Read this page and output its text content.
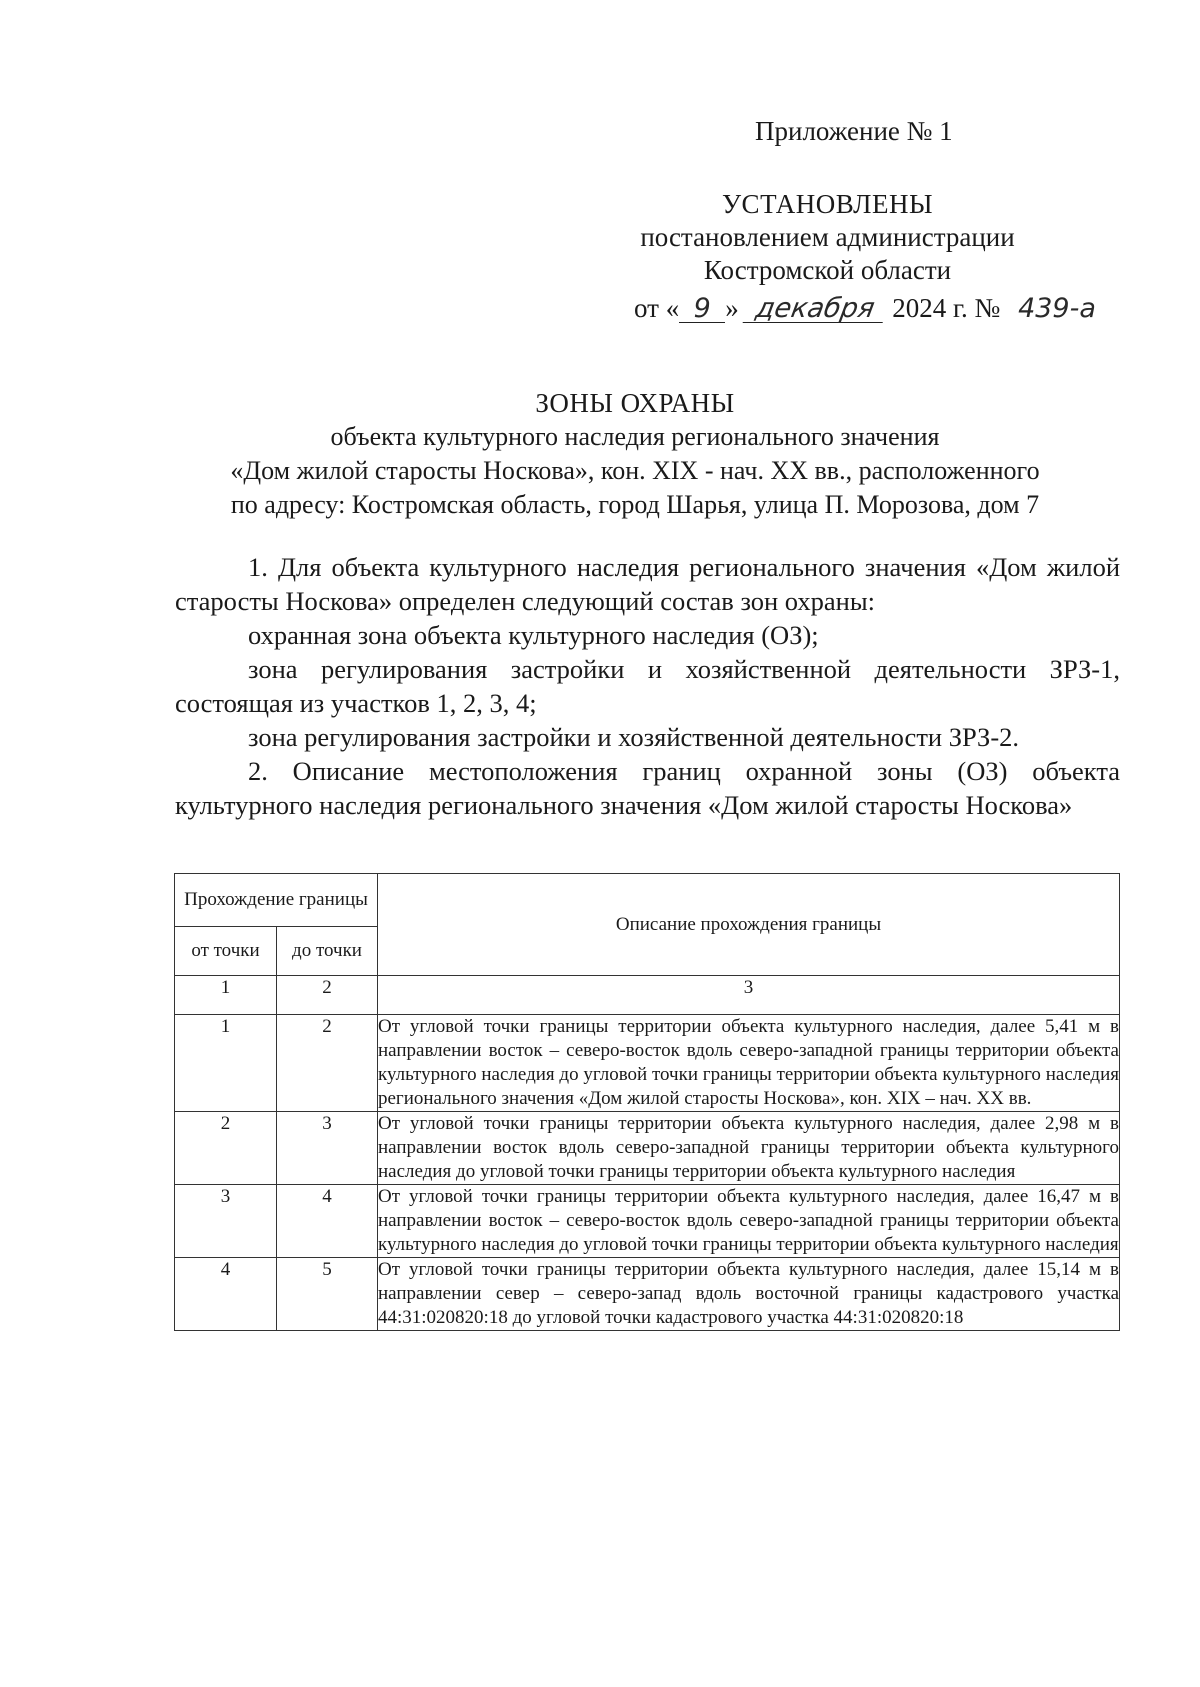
Приложение № 1
УСТАНОВЛЕНЫ
постановлением администрации
Костромской области
от « 9 » декабря 2024 г. № 439-а
ЗОНЫ ОХРАНЫ
объекта культурного наследия регионального значения
«Дом жилой старосты Носкова», кон. XIX - нач. XX вв., расположенного
по адресу: Костромская область, город Шарья, улица П. Морозова, дом 7

1. Для объекта культурного наследия регионального значения «Дом жилой старосты Носкова» определен следующий состав зон охраны:

охранная зона объекта культурного наследия (ОЗ);

зона регулирования застройки и хозяйственной деятельности ЗРЗ-1, состоящая из участков 1, 2, 3, 4;

зона регулирования застройки и хозяйственной деятельности ЗРЗ-2.

2. Описание местоположения границ охранной зоны (ОЗ) объекта культурного наследия регионального значения «Дом жилой старосты Носкова»

Прохождение границы		Описание прохождения границы
от точки	до точки	
1	2	3
1	2	От угловой точки границы территории объекта культурного наследия, далее 5,41 м в направлении восток – северо-восток вдоль северо-западной границы территории объекта культурного наследия до угловой точки границы территории объекта культурного наследия регионального значения «Дом жилой старосты Носкова», кон. XIX – нач. XX вв.
2	3	От угловой точки границы территории объекта культурного наследия, далее 2,98 м в направлении восток вдоль северо-западной границы территории объекта культурного наследия до угловой точки границы территории объекта культурного наследия
3	4	От угловой точки границы территории объекта культурного наследия, далее 16,47 м в направлении восток – северо-восток вдоль северо-западной границы территории объекта культурного наследия до угловой точки границы территории объекта культурного наследия
4	5	От угловой точки границы территории объекта культурного наследия, далее 15,14 м в направлении север – северо-запад вдоль восточной границы кадастрового участка 44:31:020820:18 до угловой точки кадастрового участка 44:31:020820:18
